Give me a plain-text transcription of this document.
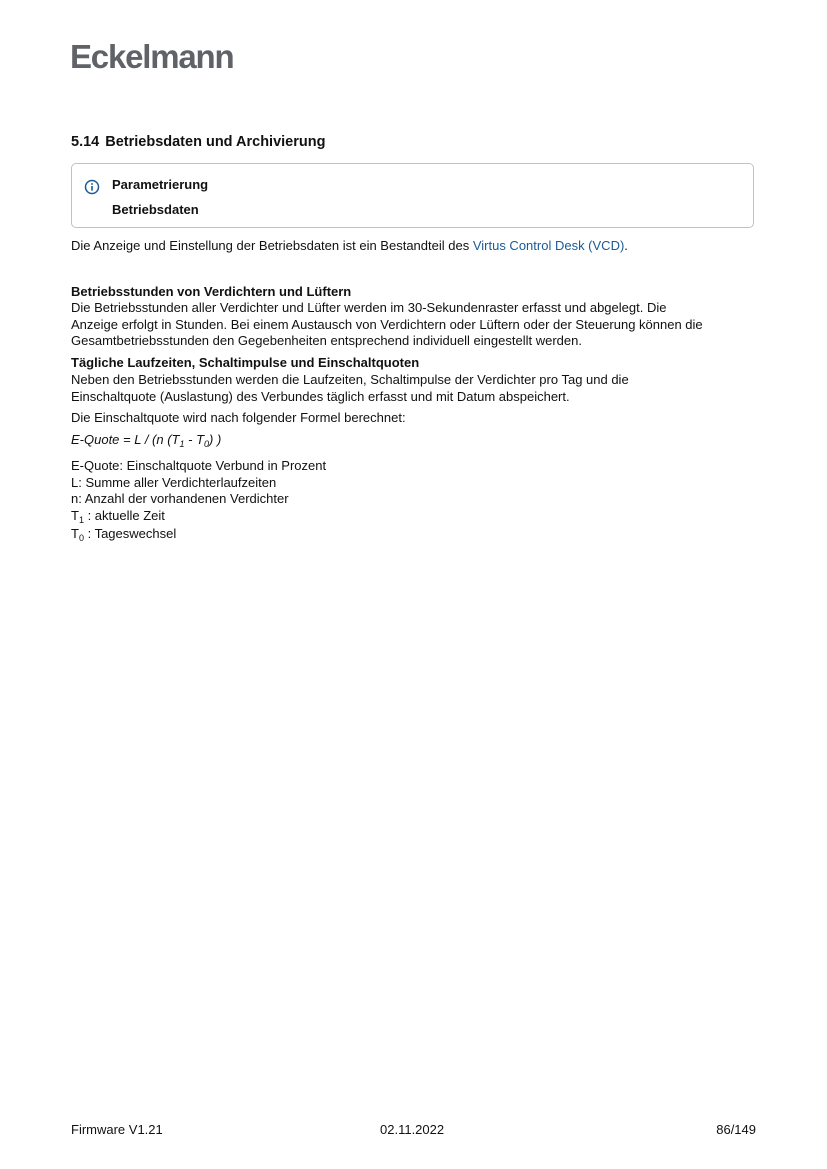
Eckelmann
5.14 Betriebsdaten und Archivierung
Parametrierung
Betriebsdaten
Die Anzeige und Einstellung der Betriebsdaten ist ein Bestandteil des Virtus Control Desk (VCD).
Betriebsstunden von Verdichtern und Lüftern
Die Betriebsstunden aller Verdichter und Lüfter werden im 30-Sekundenraster erfasst und abgelegt. Die
Anzeige erfolgt in Stunden. Bei einem Austausch von Verdichtern oder Lüftern oder der Steuerung können die
Gesamtbetriebsstunden den Gegebenheiten entsprechend individuell eingestellt werden.
Tägliche Laufzeiten, Schaltimpulse und Einschaltquoten
Neben den Betriebsstunden werden die Laufzeiten, Schaltimpulse der Verdichter pro Tag und die
Einschaltquote (Auslastung) des Verbundes täglich erfasst und mit Datum abspeichert.
Die Einschaltquote wird nach folgender Formel berechnet:
E-Quote = L / (n $(T_1 - T_0)$ )
E-Quote: Einschaltquote Verbund in Prozent
L: Summe aller Verdichterlaufzeiten
n: Anzahl der vorhandenen Verdichter
$T_1$ : aktuelle Zeit
$T_0$ : Tageswechsel
Firmware V1.21	02.11.2022	86/149
